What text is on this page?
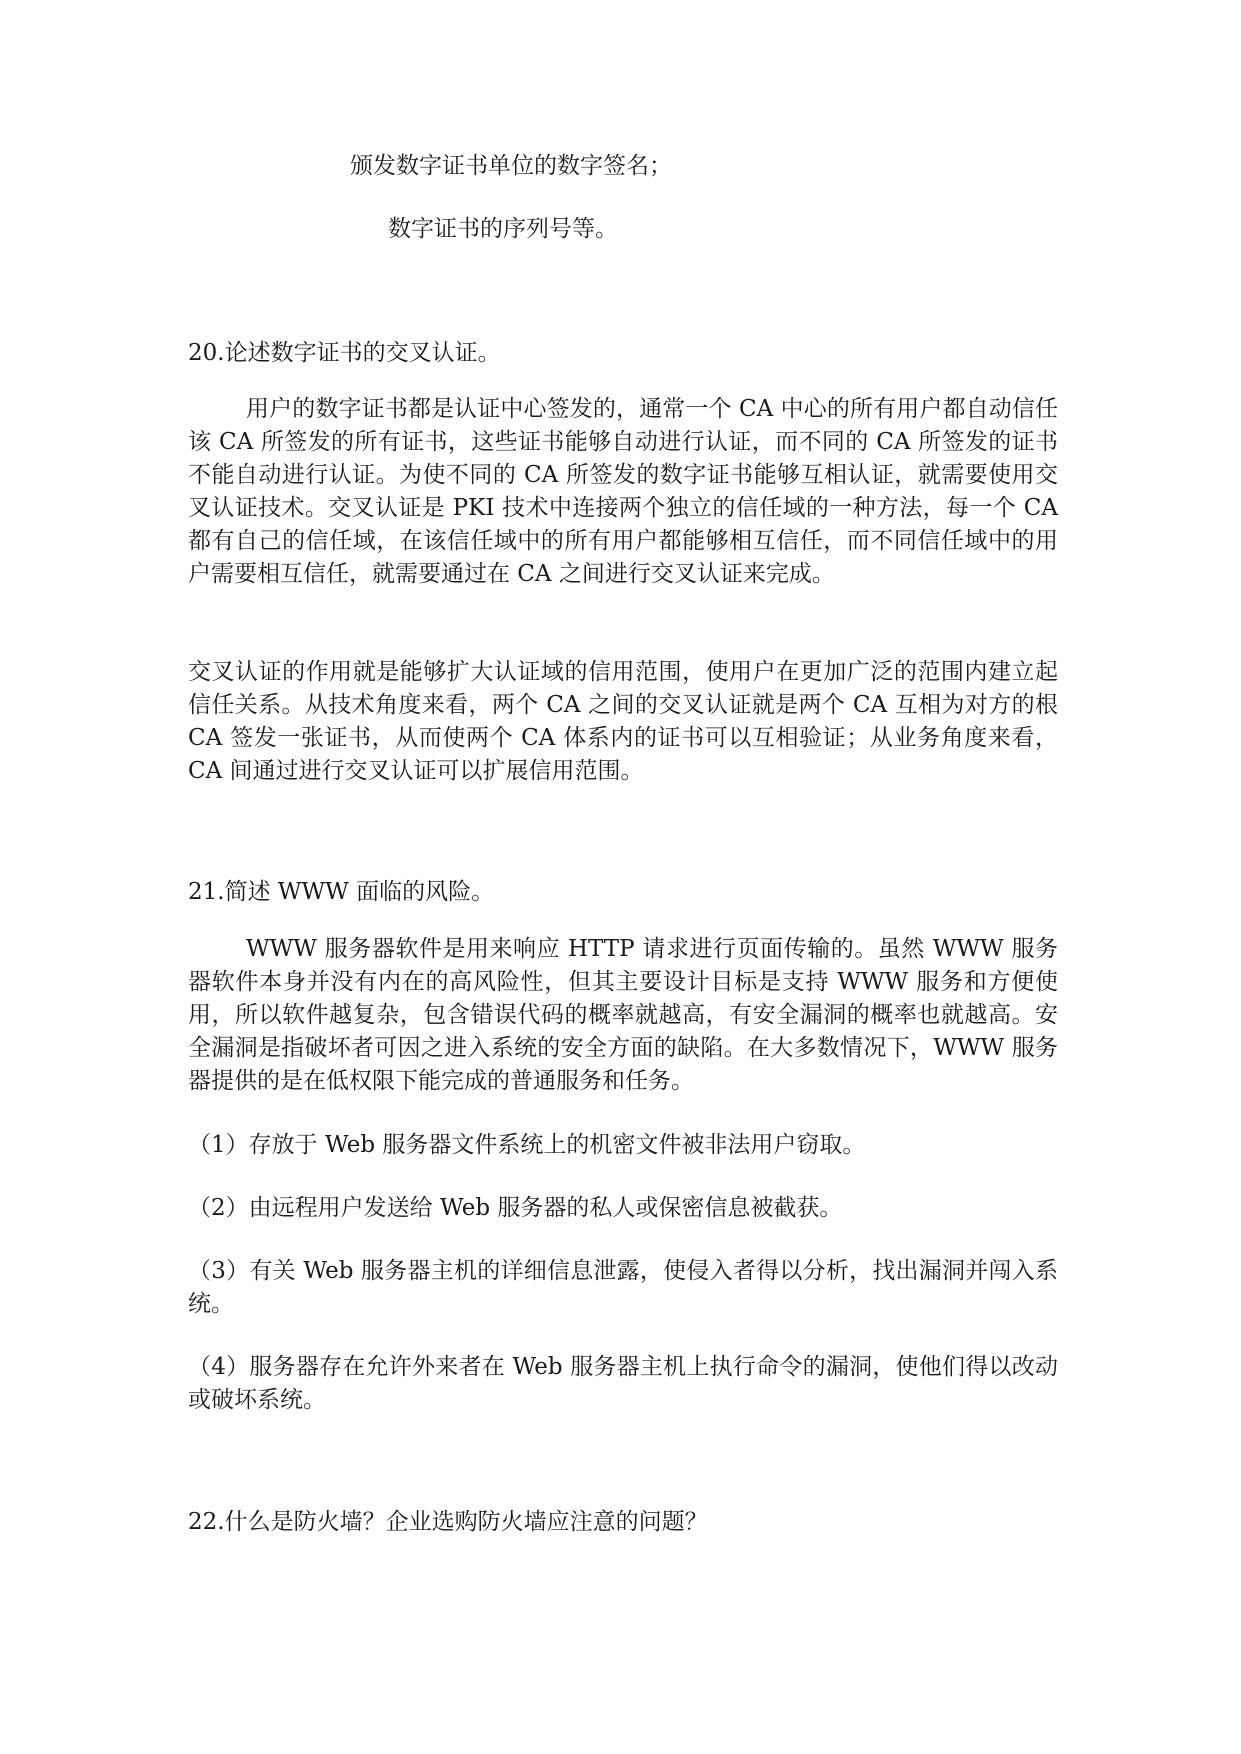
颁发数字证书单位的数字签名；

数字证书的序列号等。

20.论述数字证书的交叉认证。

用户的数字证书都是认证中心签发的，通常一个 CA 中心的所有用户都自动信任该 CA 所签发的所有证书，这些证书能够自动进行认证，而不同的 CA 所签发的证书不能自动进行认证。为使不同的 CA 所签发的数字证书能够互相认证，就需要使用交叉认证技术。交叉认证是 PKI 技术中连接两个独立的信任域的一种方法，每一个 CA 都有自己的信任域，在该信任域中的所有用户都能够相互信任，而不同信任域中的用户需要相互信任，就需要通过在 CA 之间进行交叉认证来完成。

交叉认证的作用就是能够扩大认证域的信用范围，使用户在更加广泛的范围内建立起信任关系。从技术角度来看，两个 CA 之间的交叉认证就是两个 CA 互相为对方的根 CA 签发一张证书，从而使两个 CA 体系内的证书可以互相验证；从业务角度来看，CA 间通过进行交叉认证可以扩展信用范围。

21.简述 WWW 面临的风险。

WWW 服务器软件是用来响应 HTTP 请求进行页面传输的。虽然 WWW 服务器软件本身并没有内在的高风险性，但其主要设计目标是支持 WWW 服务和方便使用，所以软件越复杂，包含错误代码的概率就越高，有安全漏洞的概率也就越高。安全漏洞是指破坏者可因之进入系统的安全方面的缺陷。在大多数情况下，WWW 服务器提供的是在低权限下能完成的普通服务和任务。

（1）存放于 Web 服务器文件系统上的机密文件被非法用户窃取。

（2）由远程用户发送给 Web 服务器的私人或保密信息被截获。

（3）有关 Web 服务器主机的详细信息泄露，使侵入者得以分析，找出漏洞并闯入系统。

（4）服务器存在允许外来者在 Web 服务器主机上执行命令的漏洞，使他们得以改动或破坏系统。

22.什么是防火墙？企业选购防火墙应注意的问题？
